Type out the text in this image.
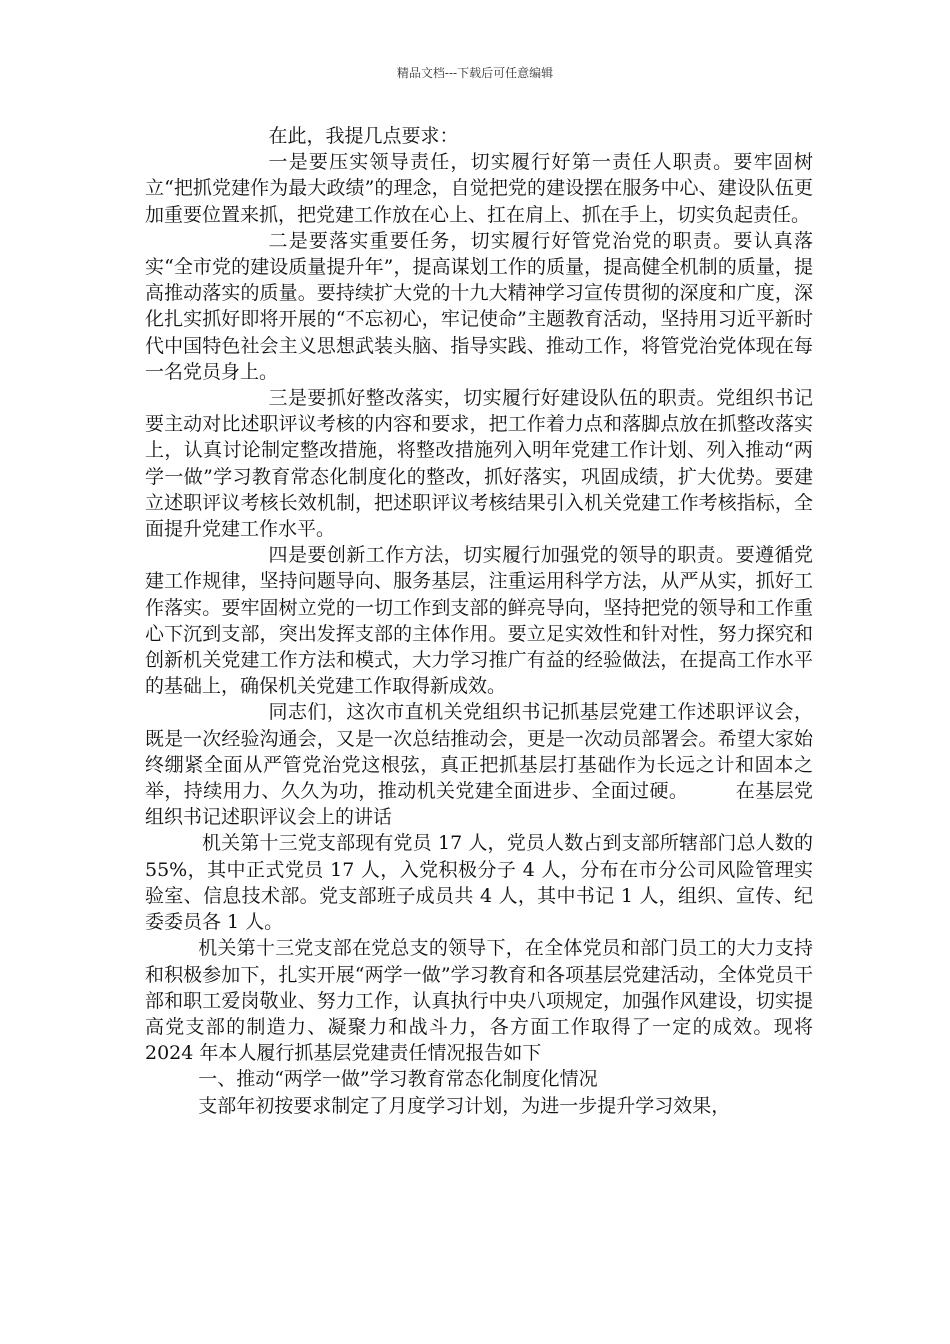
精品文档---下载后可任意编辑

在此，我提几点要求：

一是要压实领导责任，切实履行好第一责任人职责。要牢固树立“把抓党建作为最大政绩”的理念，自觉把党的建设摆在服务中心、建设队伍更加重要位置来抓，把党建工作放在心上、扛在肩上、抓在手上，切实负起责任。

二是要落实重要任务，切实履行好管党治党的职责。要认真落实“全市党的建设质量提升年”，提高谋划工作的质量，提高健全机制的质量，提高推动落实的质量。要持续扩大党的十九大精神学习宣传贯彻的深度和广度，深化扎实抓好即将开展的“不忘初心，牢记使命”主题教育活动，坚持用习近平新时代中国特色社会主义思想武装头脑、指导实践、推动工作，将管党治党体现在每一名党员身上。

三是要抓好整改落实，切实履行好建设队伍的职责。党组织书记要主动对比述职评议考核的内容和要求，把工作着力点和落脚点放在抓整改落实上，认真讨论制定整改措施，将整改措施列入明年党建工作计划、列入推动“两学一做”学习教育常态化制度化的整改，抓好落实，巩固成绩，扩大优势。要建立述职评议考核长效机制，把述职评议考核结果引入机关党建工作考核指标，全面提升党建工作水平。

四是要创新工作方法，切实履行加强党的领导的职责。要遵循党建工作规律，坚持问题导向、服务基层，注重运用科学方法，从严从实，抓好工作落实。要牢固树立党的一切工作到支部的鲜亮导向，坚持把党的领导和工作重心下沉到支部，突出发挥支部的主体作用。要立足实效性和针对性，努力探究和创新机关党建工作方法和模式，大力学习推广有益的经验做法，在提高工作水平的基础上，确保机关党建工作取得新成效。

同志们，这次市直机关党组织书记抓基层党建工作述职评议会，既是一次经验沟通会，又是一次总结推动会，更是一次动员部署会。希望大家始终绷紧全面从严管党治党这根弦，真正把抓基层打基础作为长远之计和固本之举，持续用力、久久为功，推动机关党建全面进步、全面过硬。	在基层党组织书记述职评议会上的讲话

机关第十三党支部现有党员 17 人，党员人数占到支部所辖部门总人数的 55%，其中正式党员 17 人，入党积极分子 4 人，分布在市分公司风险管理实验室、信息技术部。党支部班子成员共 4 人，其中书记 1 人，组织、宣传、纪委委员各 1 人。

机关第十三党支部在党总支的领导下，在全体党员和部门员工的大力支持和积极参加下，扎实开展“两学一做”学习教育和各项基层党建活动，全体党员干部和职工爱岗敬业、努力工作，认真执行中央八项规定，加强作风建设，切实提高党支部的制造力、凝聚力和战斗力，各方面工作取得了一定的成效。现将 2024 年本人履行抓基层党建责任情况报告如下

一、推动“两学一做”学习教育常态化制度化情况

支部年初按要求制定了月度学习计划，为进一步提升学习效果，
